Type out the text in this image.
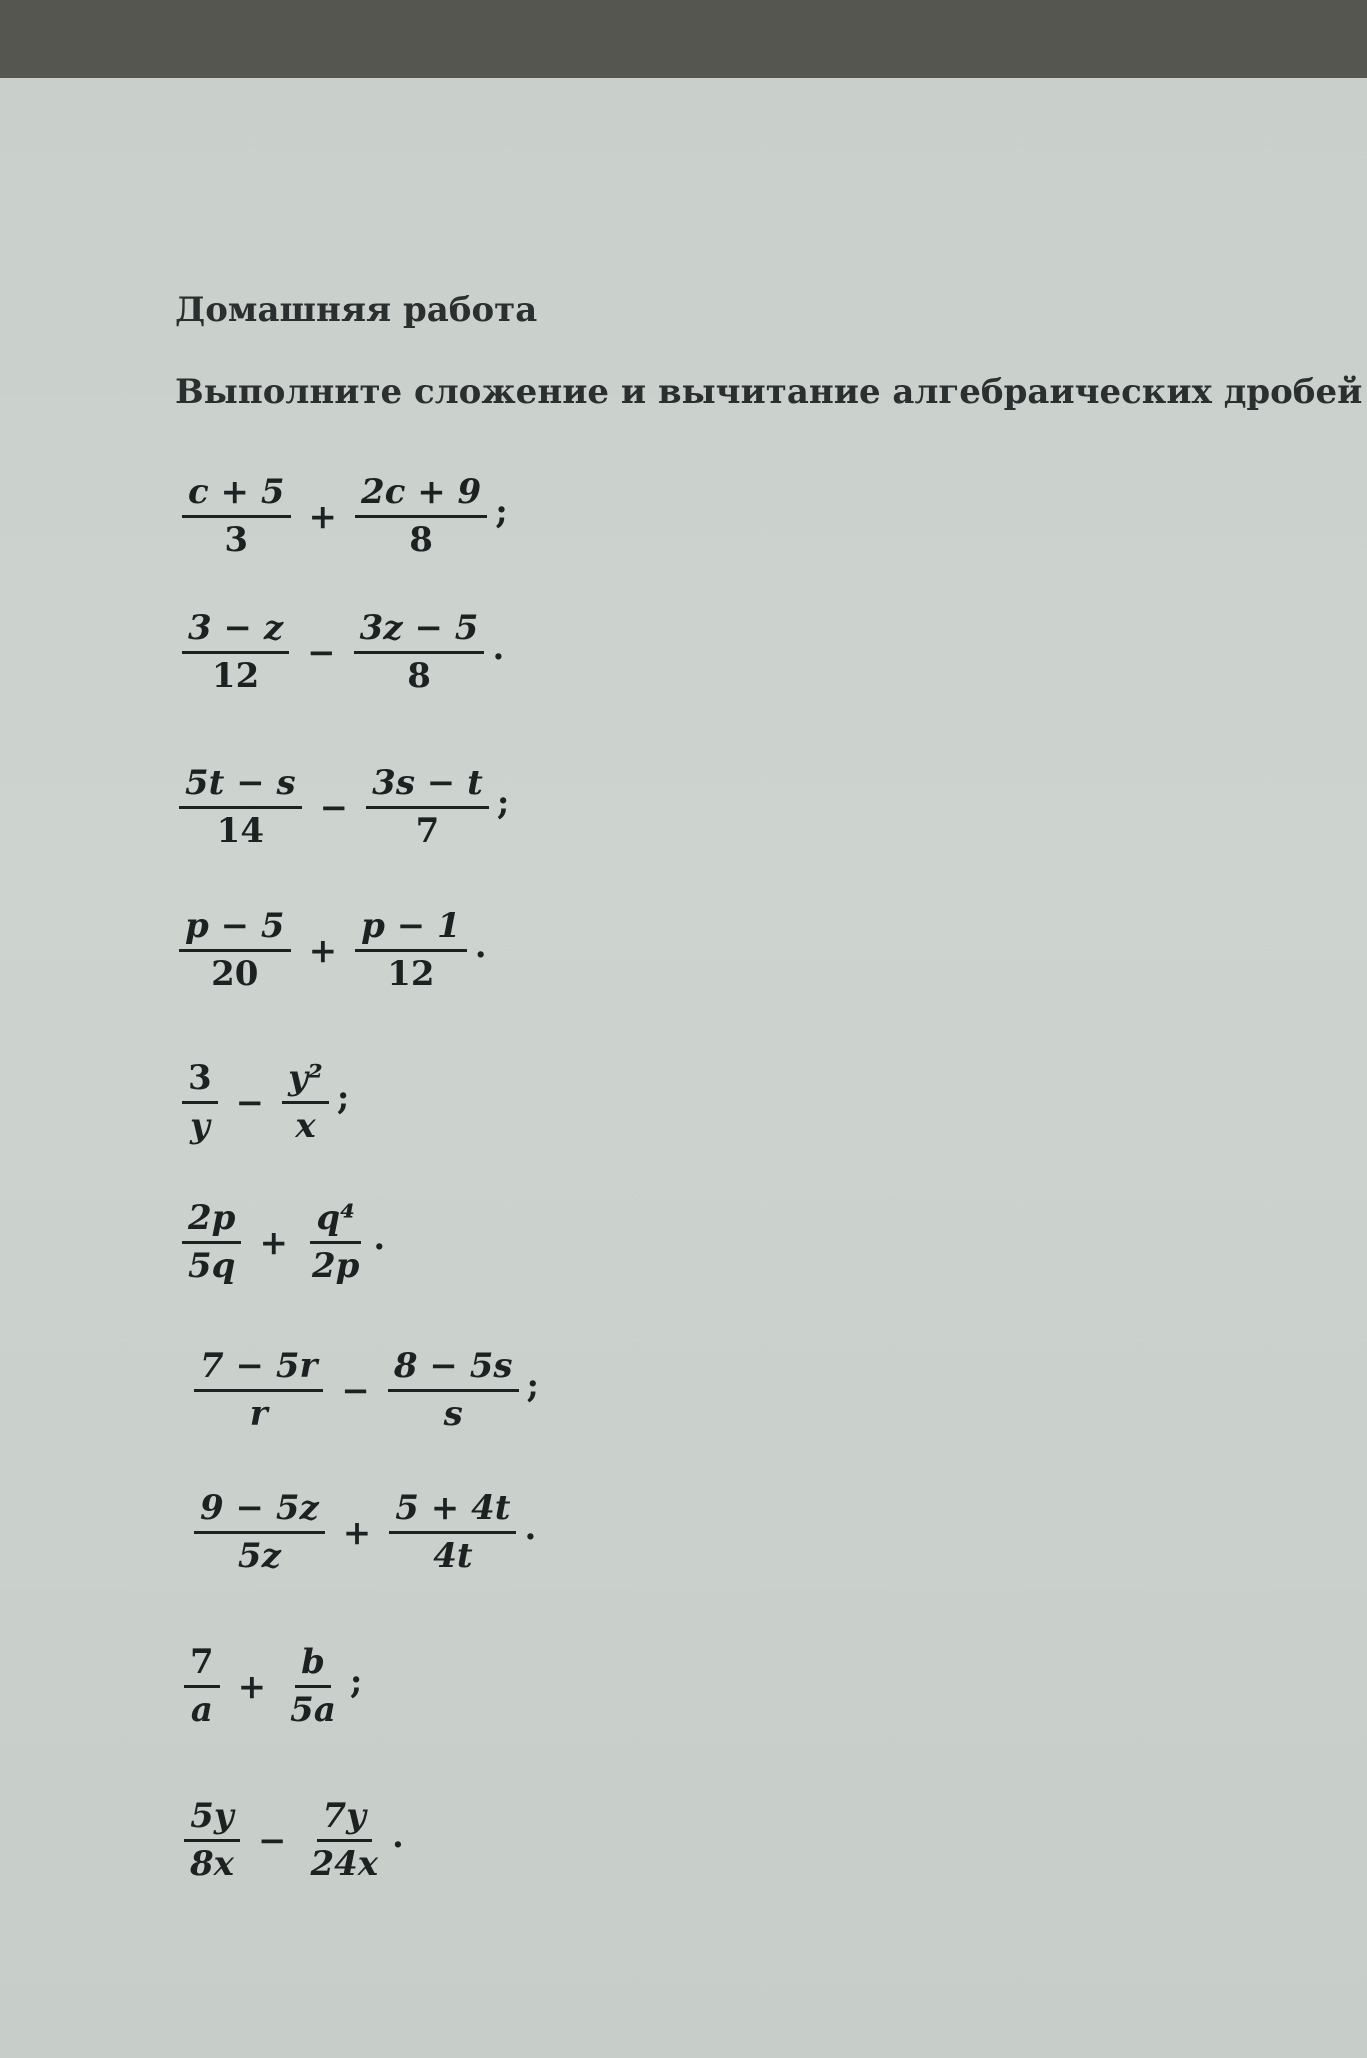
Домашняя работа
Выполните сложение и вычитание алгебраических дробей
$\frac{c + 5}{3} + \frac{2c + 9}{8}$ ;
$\frac{3 - z}{12} - \frac{3z - 5}{8}$ .
$\frac{5t - s}{14} - \frac{3s - t}{7}$ ;
$\frac{p - 5}{20} + \frac{p - 1}{12}$ .
$\frac{3}{y} - \frac{\text{y²}}{x}$ ;
$\frac{2p}{5q} + \frac{\text{q⁴}}{2p}$ .
$\frac{7 - 5r}{r} - \frac{8 - 5s}{s}$ ;
$\frac{9 - 5z}{5z} + \frac{5 + 4t}{4t}$ .
$\frac{7}{a} + \frac{b}{5a}$ ;
$\frac{5y}{8x} - \frac{7y}{24x}$ .
